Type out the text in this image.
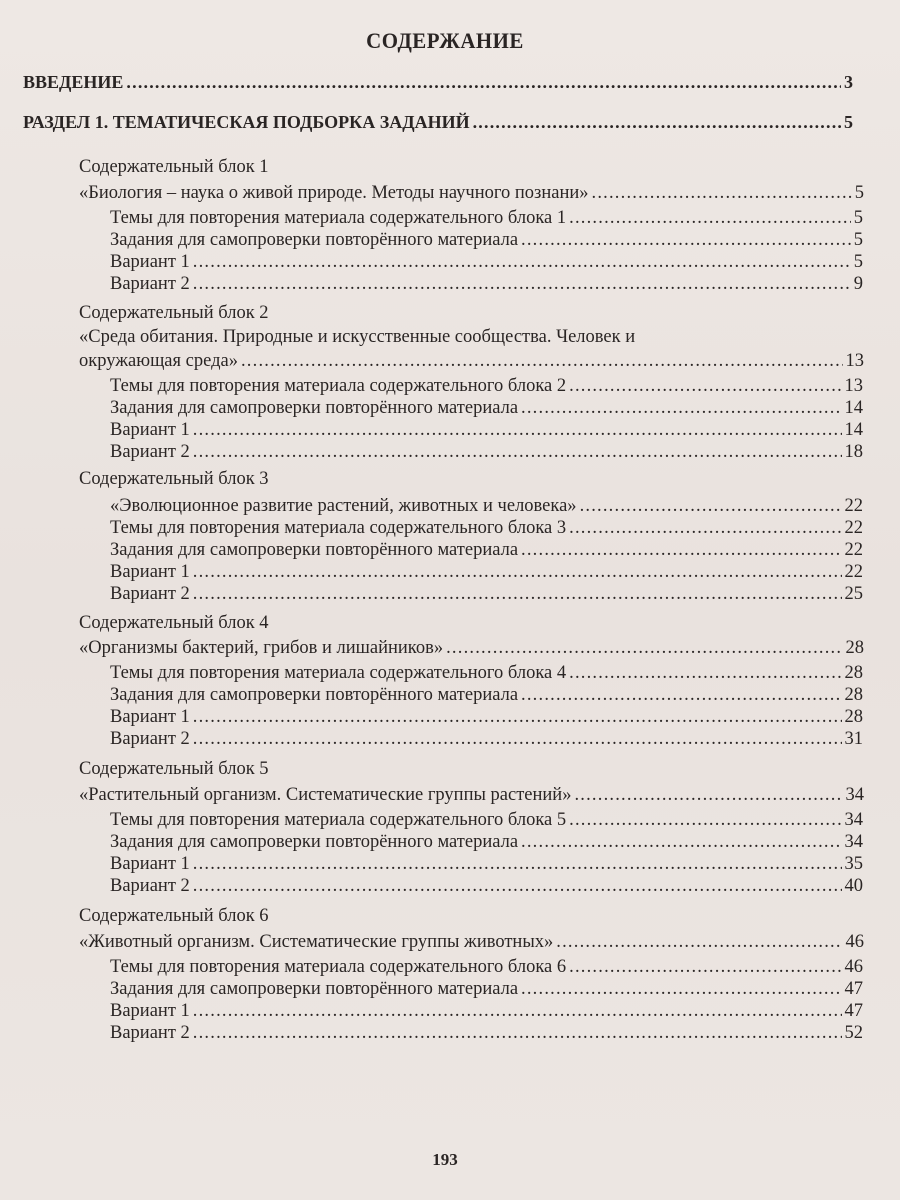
СОДЕРЖАНИЕ
ВВЕДЕНИЕ .....	3
РАЗДЕЛ 1. ТЕМАТИЧЕСКАЯ ПОДБОРКА ЗАДАНИЙ .....	5
Содержательный блок 1
«Биология – наука о живой природе. Методы научного познани» .....	5
Темы для повторения материала содержательного блока 1 .....	5
Задания для самопроверки повторённого материала .....	5
Вариант 1 .....	5
Вариант 2 .....	9
Содержательный блок 2
«Среда обитания. Природные и искусственные сообщества. Человек и
окружающая среда» .....	13
Темы для повторения материала содержательного блока 2 .....	13
Задания для самопроверки повторённого материала .....	14
Вариант 1 .....	14
Вариант 2 .....	18
Содержательный блок 3
«Эволюционное развитие растений, животных и человека» .....	22
Темы для повторения материала содержательного блока 3 .....	22
Задания для самопроверки повторённого материала .....	22
Вариант 1 .....	22
Вариант 2 .....	25
Содержательный блок 4
«Организмы бактерий, грибов и лишайников» .....	28
Темы для повторения материала содержательного блока 4 .....	28
Задания для самопроверки повторённого материала .....	28
Вариант 1 .....	28
Вариант 2 .....	31
Содержательный блок 5
«Растительный организм. Систематические группы растений» .....	34
Темы для повторения материала содержательного блока 5 .....	34
Задания для самопроверки повторённого материала .....	34
Вариант 1 .....	35
Вариант 2 .....	40
Содержательный блок 6
«Животный организм. Систематические группы животных» .....	46
Темы для повторения материала содержательного блока 6 .....	46
Задания для самопроверки повторённого материала .....	47
Вариант 1 .....	47
Вариант 2 .....	52
193
